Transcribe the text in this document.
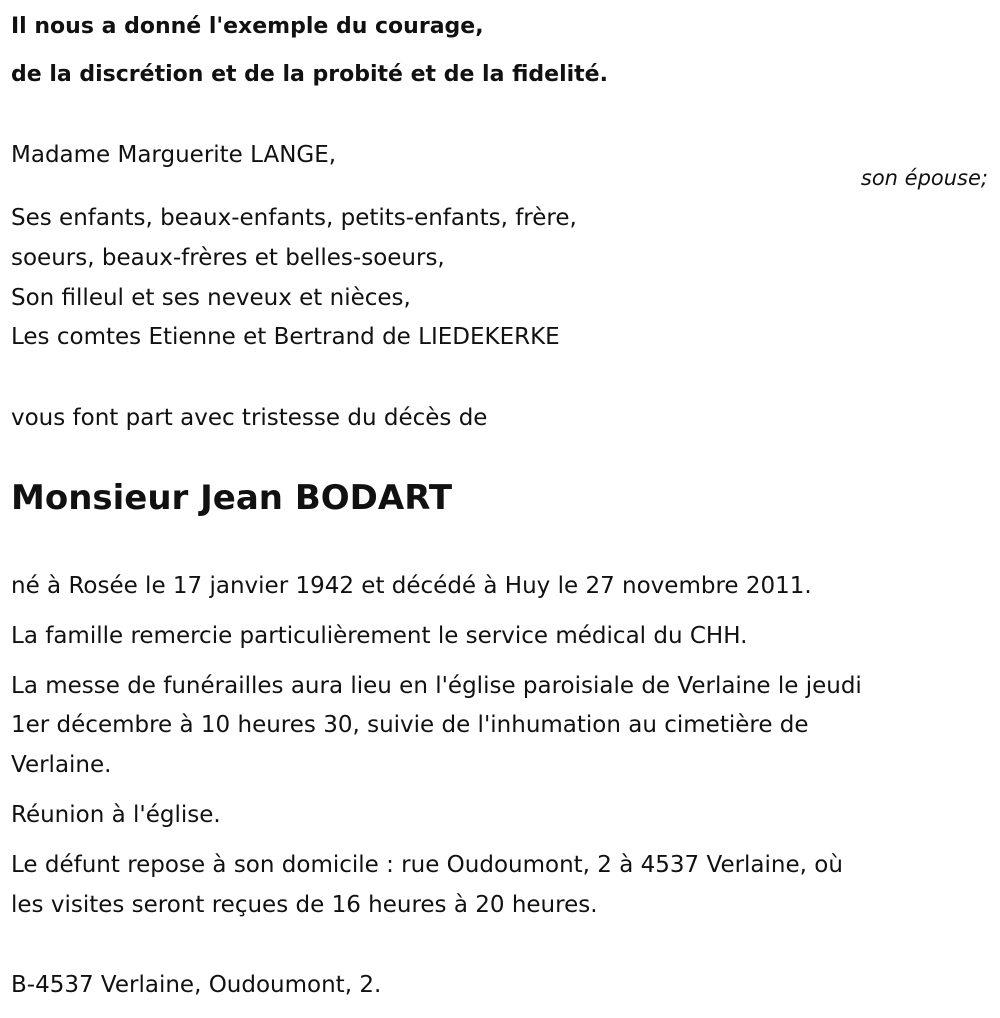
Il nous a donné l'exemple du courage,
de la discrétion et de la probité et de la fidelité.
Madame Marguerite LANGE,
son épouse;
Ses enfants, beaux-enfants, petits-enfants, frère,
soeurs, beaux-frères et belles-soeurs,
Son filleul et ses neveux et nièces,
Les comtes Etienne et Bertrand de LIEDEKERKE
vous font part avec tristesse du décès de
Monsieur Jean BODART
né à Rosée le 17 janvier 1942 et décédé à Huy le 27 novembre 2011.
La famille remercie particulièrement le service médical du CHH.
La messe de funérailles aura lieu en l'église paroisiale de Verlaine le jeudi
1er décembre à 10 heures 30, suivie de l'inhumation au cimetière de
Verlaine.
Réunion à l'église.
Le défunt repose à son domicile : rue Oudoumont, 2 à 4537 Verlaine, où
les visites seront reçues de 16 heures à 20 heures.
B-4537 Verlaine, Oudoumont, 2.
